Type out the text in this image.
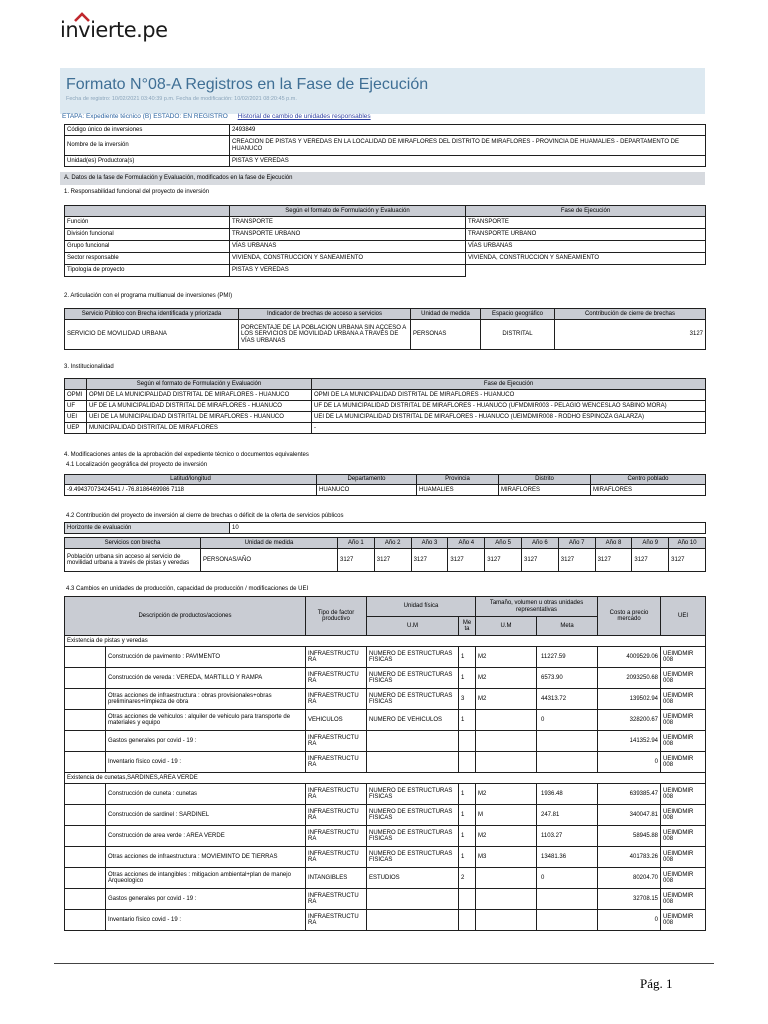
invierte.pe
Formato N°08-A Registros en la Fase de Ejecución
Fecha de registro: 10/02/2021 03:40:39 p.m. Fecha de modificación: 10/02/2021 08:20:45 p.m.
ETAPA: Expediente técnico (B) ESTADO: EN REGISTRO Historial de cambio de unidades responsables
Código único de inversiones	2493849
Nombre de la inversión	CREACION DE PISTAS Y VEREDAS EN LA LOCALIDAD DE MIRAFLORES DEL DISTRITO DE MIRAFLORES - PROVINCIA DE HUAMALIES - DEPARTAMENTO DE HUANUCO
Unidad(es) Productora(s)	PISTAS Y VEREDAS
A. Datos de la fase de Formulación y Evaluación, modificados en la fase de Ejecución
1. Responsabilidad funcional del proyecto de inversión
	Según el formato de Formulación y Evaluación	Fase de Ejecución
Función	TRANSPORTE	TRANSPORTE
División funcional	TRANSPORTE URBANO	TRANSPORTE URBANO
Grupo funcional	VÍAS URBANAS	VÍAS URBANAS
Sector responsable	VIVIENDA, CONSTRUCCION Y SANEAMIENTO	VIVIENDA, CONSTRUCCION Y SANEAMIENTO
Tipología de proyecto	PISTAS Y VEREDAS	
2. Articulación con el programa multianual de inversiones (PMI)
Servicio Público con Brecha identificada y priorizada	Indicador de brechas de acceso a servicios	Unidad de medida	Espacio geográfico	Contribución de cierre de brechas
SERVICIO DE MOVILIDAD URBANA	PORCENTAJE DE LA POBLACION URBANA SIN ACCESO A LOS SERVICIOS DE MOVILIDAD URBANA A TRAVÉS DE VÍAS URBANAS	PERSONAS	DISTRITAL	3127
3. Institucionalidad
	Según el formato de Formulación y Evaluación	Fase de Ejecución
OPMI	OPMI DE LA MUNICIPALIDAD DISTRITAL DE MIRAFLORES - HUANUCO	OPMI DE LA MUNICIPALIDAD DISTRITAL DE MIRAFLORES - HUANUCO
UF	UF DE LA MUNICIPALIDAD DISTRITAL DE MIRAFLORES - HUANUCO	UF DE LA MUNICIPALIDAD DISTRITAL DE MIRAFLORES - HUANUCO (UFMDMIR003 - PELAGIO WENCESLAO SABINO MORA)
UEI	UEI DE LA MUNICIPALIDAD DISTRITAL DE MIRAFLORES - HUANUCO	UEI DE LA MUNICIPALIDAD DISTRITAL DE MIRAFLORES - HUANUCO (UEIMDMIR008 - RODHO ESPINOZA GALARZA)
UEP	MUNICIPALIDAD DISTRITAL DE MIRAFLORES	-
4. Modificaciones antes de la aprobación del expediente técnico o documentos equivalentes
4.1 Localización geográfica del proyecto de inversión
Latitud/longitud	Departamento	Provincia	Distrito	Centro poblado
-9.49437073424541 / -76.8186469986 7118	HUANUCO	HUAMALIES	MIRAFLORES	MIRAFLORES
4.2 Contribución del proyecto de inversión al cierre de brechas o déficit de la oferta de servicios públicos
Horizonte de evaluación	10
Servicios con brecha	Unidad de medida	Año 1	Año 2	Año 3	Año 4	Año 5	Año 6	Año 7	Año 8	Año 9	Año 10
Población urbana sin acceso al servicio de movilidad urbana a través de pistas y veredas	PERSONAS/AÑO	3127	3127	3127	3127	3127	3127	3127	3127	3127	3127
4.3 Cambios en unidades de producción, capacidad de producción / modificaciones de UEI
Descripción de productos/acciones		Tipo de factor productivo	Unidad física		Tamaño, volumen u otras unidades representativas		Costo a precio mercado	UEI
			U.M	Me ta	U.M	Meta		
Existencia de pistas y veredas								
	Construcción de pavimento : PAVIMENTO	INFRAESTRUCTU RA	NUMERO DE ESTRUCTURAS FISICAS	1	M2	11227.59	4009529.06	UEIMDMIR 008
	Construcción de vereda : VEREDA, MARTILLO Y RAMPA	INFRAESTRUCTU RA	NUMERO DE ESTRUCTURAS FISICAS	1	M2	6573.90	2093250.68	UEIMDMIR 008
	Otras acciones de infraestructura : obras provisionales+obras preliminares+limpieza de obra	INFRAESTRUCTU RA	NUMERO DE ESTRUCTURAS FISICAS	3	M2	44313.72	139502.94	UEIMDMIR 008
	Otras acciones de vehiculos : alquiler de vehiculo para transporte de materiales y equipo	VEHICULOS	NUMERO DE VEHICULOS	1		0	328200.67	UEIMDMIR 008
	Gastos generales por covid - 19 :	INFRAESTRUCTU RA					141352.94	UEIMDMIR 008
	Inventario físico covid - 19 :	INFRAESTRUCTU RA					0	UEIMDMIR 008
Existencia de cunetas,SARDINES,AREA VERDE								
	Construcción de cuneta : cunetas	INFRAESTRUCTU RA	NUMERO DE ESTRUCTURAS FISICAS	1	M2	1936.48	639385.47	UEIMDMIR 008
	Construcción de sardinel : SARDINEL	INFRAESTRUCTU RA	NUMERO DE ESTRUCTURAS FISICAS	1	M	247.81	340047.81	UEIMDMIR 008
	Construcción de area verde : AREA VERDE	INFRAESTRUCTU RA	NUMERO DE ESTRUCTURAS FISICAS	1	M2	1103.27	58945.88	UEIMDMIR 008
	Otras acciones de infraestructura : MOVIEMINTO DE TIERRAS	INFRAESTRUCTU RA	NUMERO DE ESTRUCTURAS FISICAS	1	M3	13481.36	401783.26	UEIMDMIR 008
	Otras acciones de intangibles : mitigacion ambiental+plan de manejo Arqueologico	INTANGIBLES	ESTUDIOS	2		0	80204.70	UEIMDMIR 008
	Gastos generales por covid - 19 :	INFRAESTRUCTU RA					32708.15	UEIMDMIR 008
	Inventario físico covid - 19 :	INFRAESTRUCTU RA					0	UEIMDMIR 008
Pág. 1
